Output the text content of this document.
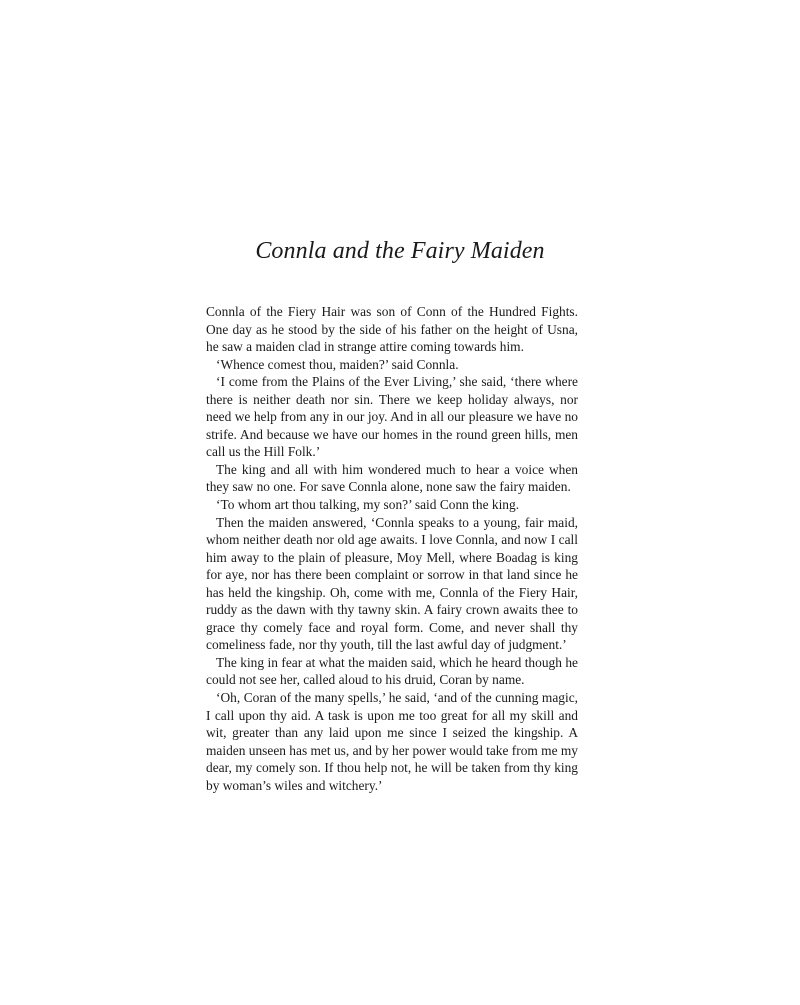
Connla and the Fairy Maiden

Connla of the Fiery Hair was son of Conn of the Hundred Fights. One day as he stood by the side of his father on the height of Usna, he saw a maiden clad in strange attire coming towards him.

‘Whence comest thou, maiden?’ said Connla.

‘I come from the Plains of the Ever Living,’ she said, ‘there where there is neither death nor sin. There we keep holiday always, nor need we help from any in our joy. And in all our pleasure we have no strife. And because we have our homes in the round green hills, men call us the Hill Folk.’

The king and all with him wondered much to hear a voice when they saw no one. For save Connla alone, none saw the fairy maiden.

‘To whom art thou talking, my son?’ said Conn the king.

Then the maiden answered, ‘Connla speaks to a young, fair maid, whom neither death nor old age awaits. I love Connla, and now I call him away to the plain of pleasure, Moy Mell, where Boadag is king for aye, nor has there been complaint or sorrow in that land since he has held the kingship. Oh, come with me, Connla of the Fiery Hair, ruddy as the dawn with thy tawny skin. A fairy crown awaits thee to grace thy comely face and royal form. Come, and never shall thy comeliness fade, nor thy youth, till the last awful day of judgment.’

The king in fear at what the maiden said, which he heard though he could not see her, called aloud to his druid, Coran by name.

‘Oh, Coran of the many spells,’ he said, ‘and of the cunning magic, I call upon thy aid. A task is upon me too great for all my skill and wit, greater than any laid upon me since I seized the kingship. A maiden unseen has met us, and by her power would take from me my dear, my comely son. If thou help not, he will be taken from thy king by woman’s wiles and witchery.’
